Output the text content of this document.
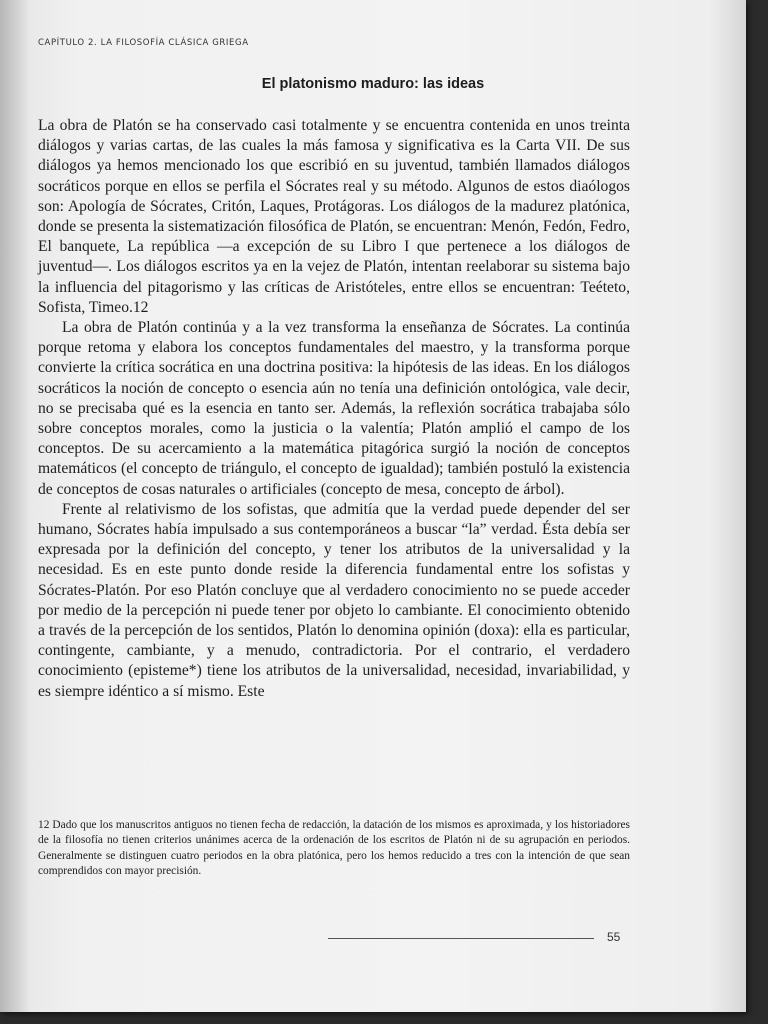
CAPÍTULO 2. LA FILOSOFÍA CLÁSICA GRIEGA
El platonismo maduro: las ideas

La obra de Platón se ha conservado casi totalmente y se encuentra contenida en unos treinta diálogos y varias cartas, de las cuales la más famosa y significativa es la Carta VII. De sus diálogos ya hemos mencionado los que escribió en su juventud, también llamados diálogos socráticos porque en ellos se perfila el Sócrates real y su método. Algunos de estos diaólogos son: Apología de Sócrates, Critón, Laques, Protágoras. Los diálogos de la madurez platónica, donde se presenta la sistematización filosófica de Platón, se encuentran: Menón, Fedón, Fedro, El banquete, La república —a excepción de su Libro I que pertenece a los diálogos de juventud—. Los diálogos escritos ya en la vejez de Platón, intentan reelaborar su sistema bajo la influencia del pitagorismo y las críticas de Aristóteles, entre ellos se encuentran: Teéteto, Sofista, Timeo.12

La obra de Platón continúa y a la vez transforma la enseñanza de Sócrates. La continúa porque retoma y elabora los conceptos fundamentales del maestro, y la transforma porque convierte la crítica socrática en una doctrina positiva: la hipótesis de las ideas. En los diálogos socráticos la noción de concepto o esencia aún no tenía una definición ontológica, vale decir, no se precisaba qué es la esencia en tanto ser. Además, la reflexión socrática trabajaba sólo sobre conceptos morales, como la justicia o la valentía; Platón amplió el campo de los conceptos. De su acercamiento a la matemática pitagórica surgió la noción de conceptos matemáticos (el concepto de triángulo, el concepto de igualdad); también postuló la existencia de conceptos de cosas naturales o artificiales (concepto de mesa, concepto de árbol).

Frente al relativismo de los sofistas, que admitía que la verdad puede depender del ser humano, Sócrates había impulsado a sus contemporáneos a buscar “la” verdad. Ésta debía ser expresada por la definición del concepto, y tener los atributos de la universalidad y la necesidad. Es en este punto donde reside la diferencia fundamental entre los sofistas y Sócrates-Platón. Por eso Platón concluye que al verdadero conocimiento no se puede acceder por medio de la percepción ni puede tener por objeto lo cambiante. El conocimiento obtenido a través de la percepción de los sentidos, Platón lo denomina opinión (doxa): ella es particular, contingente, cambiante, y a menudo, contradictoria. Por el contrario, el verdadero conocimiento (episteme*) tiene los atributos de la universalidad, necesidad, invariabilidad, y es siempre idéntico a sí mismo. Este

12 Dado que los manuscritos antiguos no tienen fecha de redacción, la datación de los mismos es aproximada, y los historiadores de la filosofía no tienen criterios unánimes acerca de la ordenación de los escritos de Platón ni de su agrupación en periodos. Generalmente se distinguen cuatro periodos en la obra platónica, pero los hemos reducido a tres con la intención de que sean comprendidos con mayor precisión.
55
